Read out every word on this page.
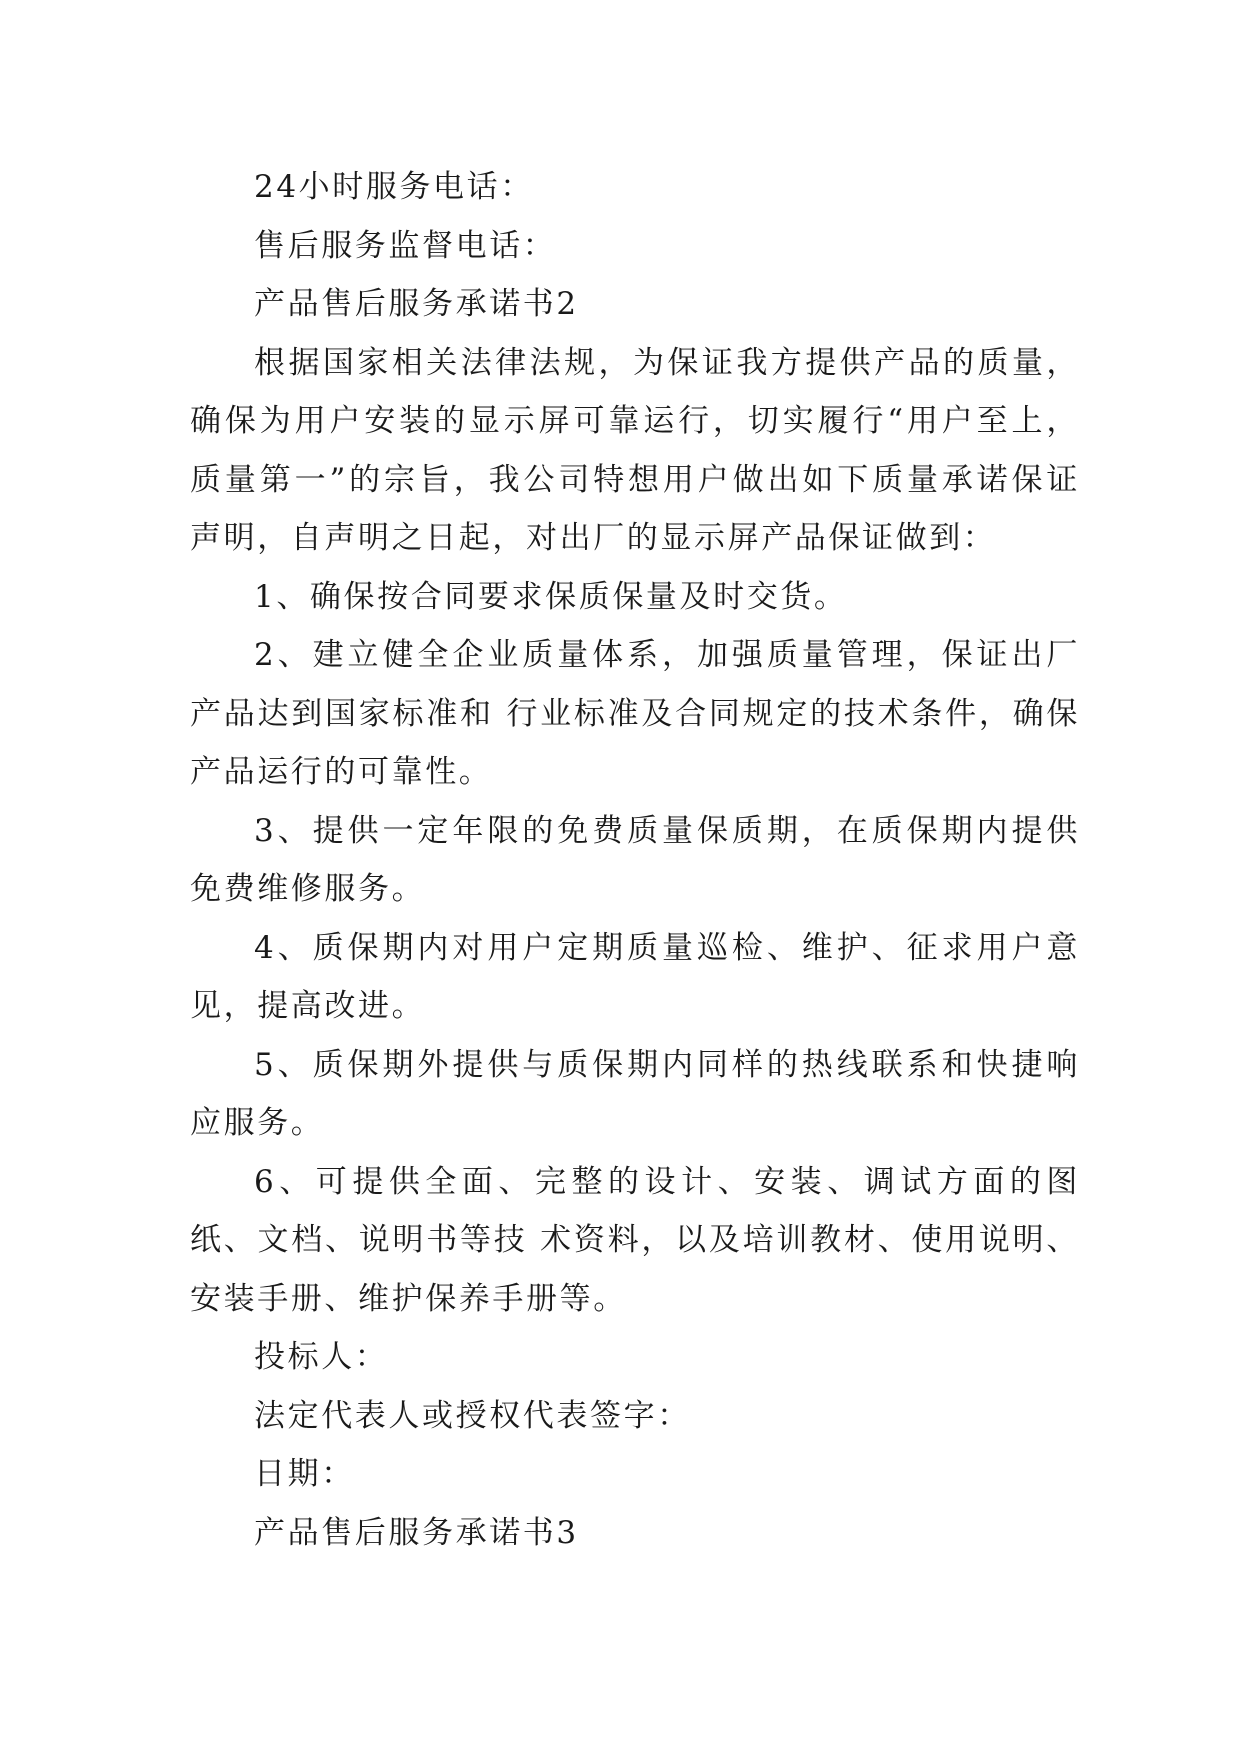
24小时服务电话：

售后服务监督电话：

产品售后服务承诺书2

根据国家相关法律法规，为保证我方提供产品的质量，确保为用户安装的显示屏可靠运行，切实履行“用户至上，质量第一”的宗旨，我公司特想用户做出如下质量承诺保证声明，自声明之日起，对出厂的显示屏产品保证做到：

1、确保按合同要求保质保量及时交货。

2、建立健全企业质量体系，加强质量管理，保证出厂产品达到国家标准和 行业标准及合同规定的技术条件，确保产品运行的可靠性。

3、提供一定年限的免费质量保质期，在质保期内提供免费维修服务。

4、质保期内对用户定期质量巡检、维护、征求用户意见，提高改进。

5、质保期外提供与质保期内同样的热线联系和快捷响应服务。

6、可提供全面、完整的设计、安装、调试方面的图纸、文档、说明书等技 术资料，以及培训教材、使用说明、安装手册、维护保养手册等。

投标人：

法定代表人或授权代表签字：

日期：

产品售后服务承诺书3
